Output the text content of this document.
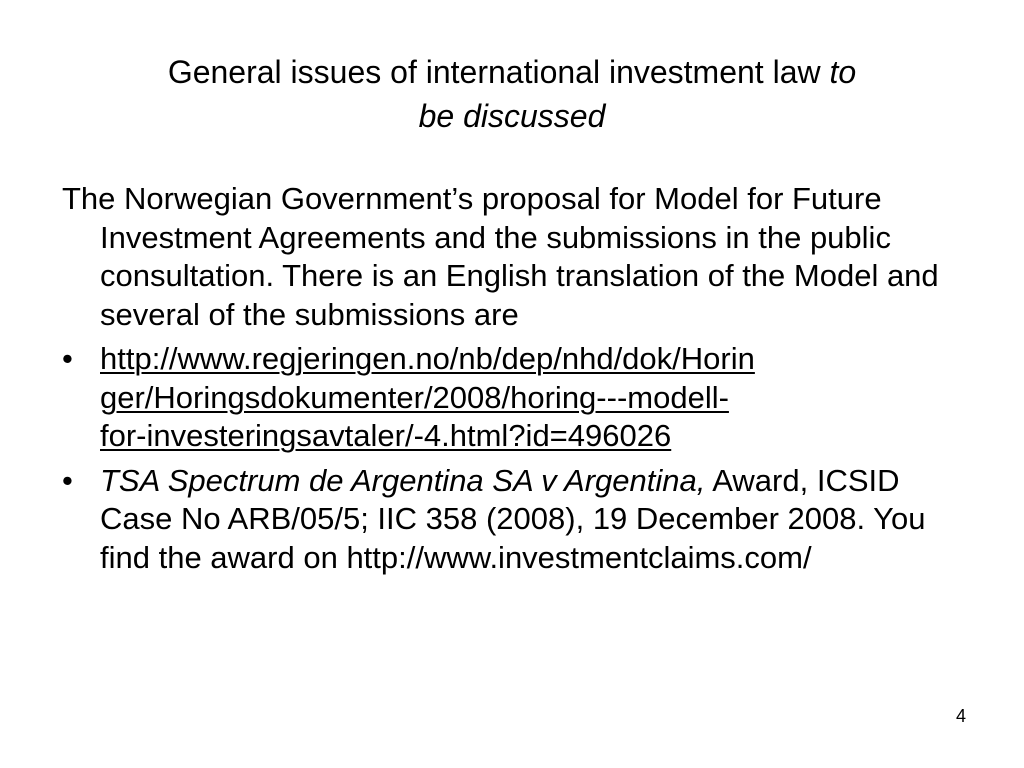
General issues of international investment law to
be discussed

The Norwegian Government’s proposal for Model for Future Investment Agreements and the submissions in the public consultation. There is an English translation of the Model and several of the submissions are

• http://www.regjeringen.no/nb/dep/nhd/dok/Horin
ger/Horingsdokumenter/2008/horing---modell-
for-investeringsavtaler/-4.html?id=496026
• TSA Spectrum de Argentina SA v Argentina, Award, ICSID Case No ARB/05/5; IIC 358 (2008), 19 December 2008. You find the award on http://www.investmentclaims.com/
4
